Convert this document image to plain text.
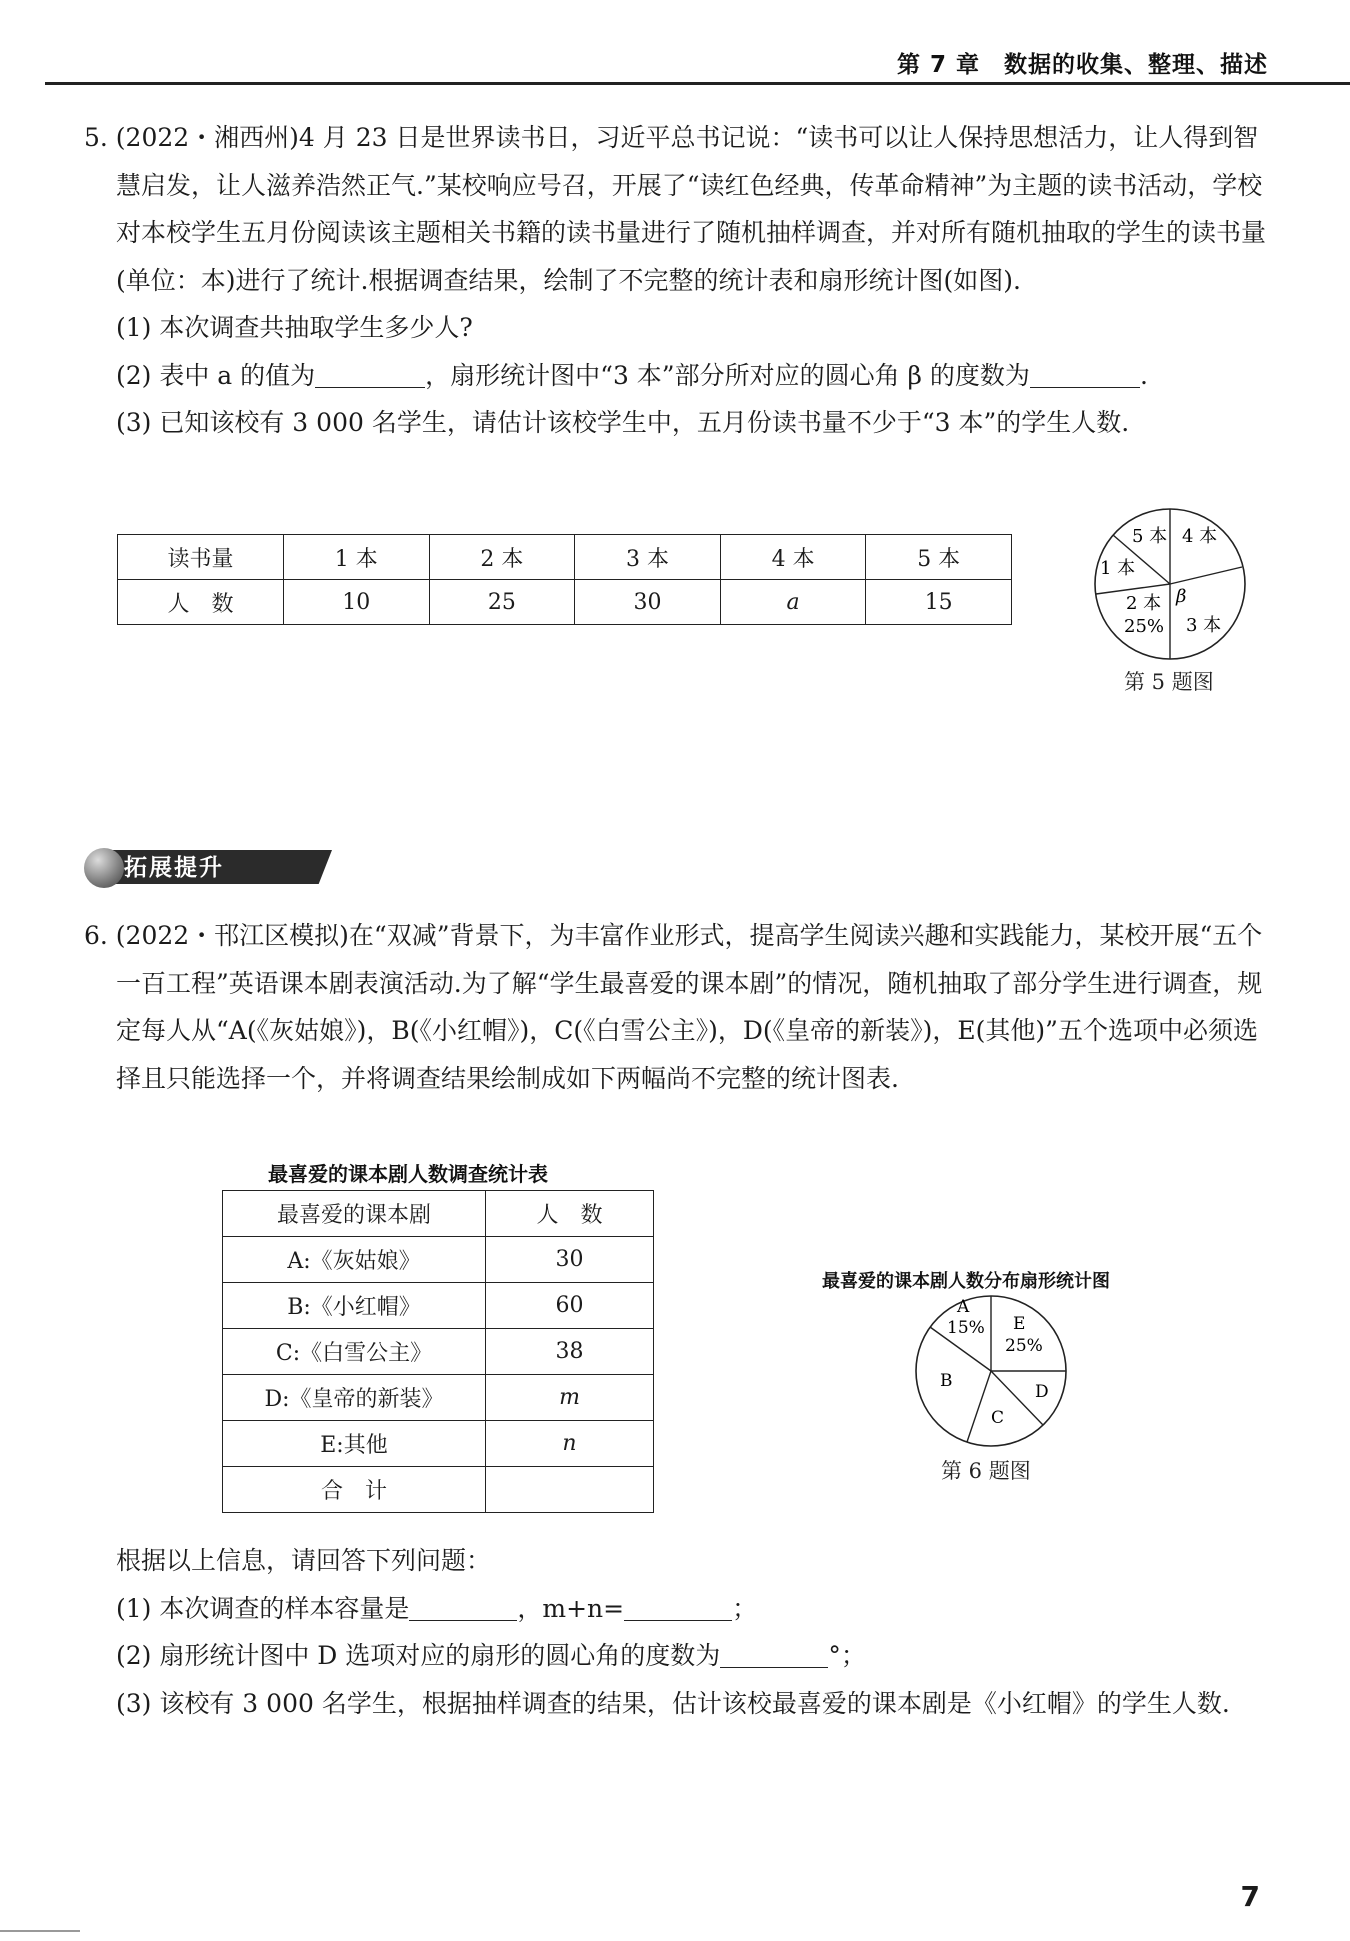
第 7 章　数据的收集、整理、描述

5. (2022・湘西州)4 月 23 日是世界读书日，习近平总书记说：“读书可以让人保持思想活力，让人得到智慧启发，让人滋养浩然正气.”某校响应号召，开展了“读红色经典，传革命精神”为主题的读书活动，学校对本校学生五月份阅读该主题相关书籍的读书量进行了随机抽样调查，并对所有随机抽取的学生的读书量(单位：本)进行了统计.根据调查结果，绘制了不完整的统计表和扇形统计图(如图).

(1) 本次调查共抽取学生多少人?
(2) 表中 a 的值为	，扇形统计图中“3 本”部分所对应的圆心角 β 的度数为	.
(3) 已知该校有 3 000 名学生，请估计该校学生中，五月份读书量不少于“3 本”的学生人数.
读书量	1 本	2 本	3 本	4 本	5 本
人　数	10	25	30	a	15
5 本 4 本
1 本
2 本
25% 3 本
β
第 5 题图
拓展提升

6. (2022・邗江区模拟)在“双减”背景下，为丰富作业形式，提高学生阅读兴趣和实践能力，某校开展“五个一百工程”英语课本剧表演活动.为了解“学生最喜爱的课本剧”的情况，随机抽取了部分学生进行调查，规定每人从“A(《灰姑娘》)，B(《小红帽》)，C(《白雪公主》)，D(《皇帝的新装》)，E(其他)”五个选项中必须选择且只能选择一个，并将调查结果绘制成如下两幅尚不完整的统计图表.

最喜爱的课本剧人数调查统计表
最喜爱的课本剧	人　数
A:《灰姑娘》	30
B:《小红帽》	60
C:《白雪公主》	38
D:《皇帝的新装》	m
E:其他	n
合　计	
最喜爱的课本剧人数分布扇形统计图
A
15% E
25%
B
D
C
第 6 题图
根据以上信息，请回答下列问题：
(1) 本次调查的样本容量是	，m+n=	；
(2) 扇形统计图中 D 选项对应的扇形的圆心角的度数为	°；
(3) 该校有 3 000 名学生，根据抽样调查的结果，估计该校最喜爱的课本剧是《小红帽》的学生人数.
7
